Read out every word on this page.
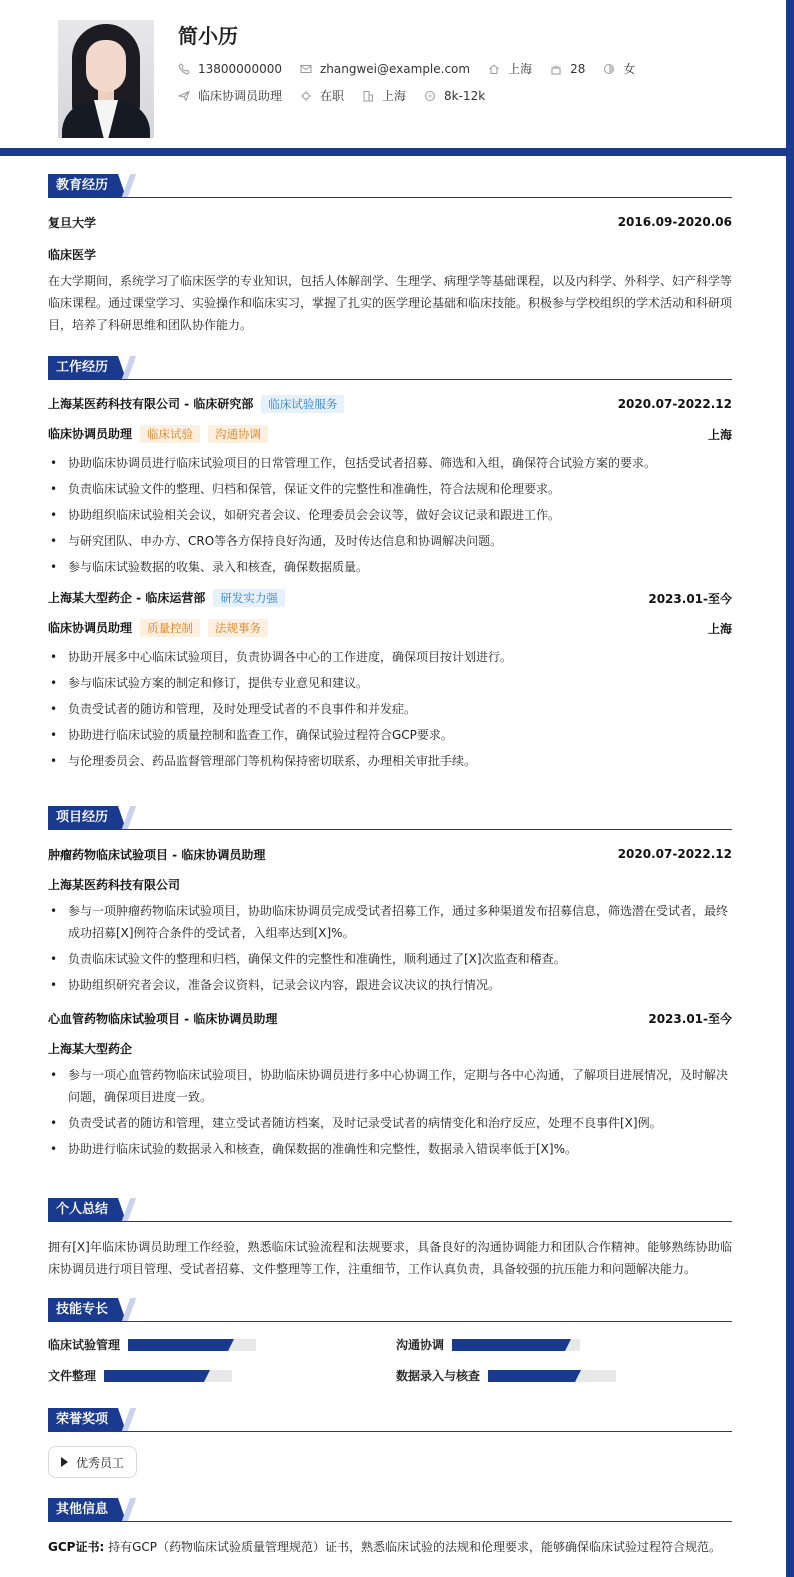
简小历
13800000000	zhangwei@example.com	上海	28	女
临床协调员助理	在职	上海	8k-12k
教育经历
复旦大学	2016.09-2020.06
临床医学

在大学期间，系统学习了临床医学的专业知识，包括人体解剖学、生理学、病理学等基础课程，以及内科学、外科学、妇产科学等临床课程。通过课堂学习、实验操作和临床实习，掌握了扎实的医学理论基础和临床技能。积极参与学校组织的学术活动和科研项目，培养了科研思维和团队协作能力。

工作经历
上海某医药科技有限公司 - 临床研究部 临床试验服务	2020.07-2022.12
临床协调员助理 临床试验 沟通协调	上海
• 协助临床协调员进行临床试验项目的日常管理工作，包括受试者招募、筛选和入组，确保符合试验方案的要求。
• 负责临床试验文件的整理、归档和保管，保证文件的完整性和准确性，符合法规和伦理要求。
• 协助组织临床试验相关会议，如研究者会议、伦理委员会会议等，做好会议记录和跟进工作。
• 与研究团队、申办方、CRO等各方保持良好沟通，及时传达信息和协调解决问题。
• 参与临床试验数据的收集、录入和核查，确保数据质量。
上海某大型药企 - 临床运营部 研发实力强	2023.01-至今
临床协调员助理 质量控制 法规事务	上海
• 协助开展多中心临床试验项目，负责协调各中心的工作进度，确保项目按计划进行。
• 参与临床试验方案的制定和修订，提供专业意见和建议。
• 负责受试者的随访和管理，及时处理受试者的不良事件和并发症。
• 协助进行临床试验的质量控制和监查工作，确保试验过程符合GCP要求。
• 与伦理委员会、药品监督管理部门等机构保持密切联系，办理相关审批手续。
项目经历
肿瘤药物临床试验项目 - 临床协调员助理	2020.07-2022.12
上海某医药科技有限公司
• 参与一项肿瘤药物临床试验项目，协助临床协调员完成受试者招募工作，通过多种渠道发布招募信息，筛选潜在受试者，最终成功招募[X]例符合条件的受试者，入组率达到[X]%。
• 负责临床试验文件的整理和归档，确保文件的完整性和准确性，顺利通过了[X]次监查和稽查。
• 协助组织研究者会议，准备会议资料，记录会议内容，跟进会议决议的执行情况。
心血管药物临床试验项目 - 临床协调员助理	2023.01-至今
上海某大型药企
• 参与一项心血管药物临床试验项目，协助临床协调员进行多中心协调工作，定期与各中心沟通，了解项目进展情况，及时解决问题，确保项目进度一致。
• 负责受试者的随访和管理，建立受试者随访档案，及时记录受试者的病情变化和治疗反应，处理不良事件[X]例。
• 协助进行临床试验的数据录入和核查，确保数据的准确性和完整性，数据录入错误率低于[X]%。
个人总结

拥有[X]年临床协调员助理工作经验，熟悉临床试验流程和法规要求，具备良好的沟通协调能力和团队合作精神。能够熟练协助临床协调员进行项目管理、受试者招募、文件整理等工作，注重细节，工作认真负责，具备较强的抗压能力和问题解决能力。

技能专长
临床试验管理	沟通协调
文件整理	数据录入与核查
荣誉奖项
优秀员工
其他信息

GCP证书: 持有GCP（药物临床试验质量管理规范）证书，熟悉临床试验的法规和伦理要求，能够确保临床试验过程符合规范。
